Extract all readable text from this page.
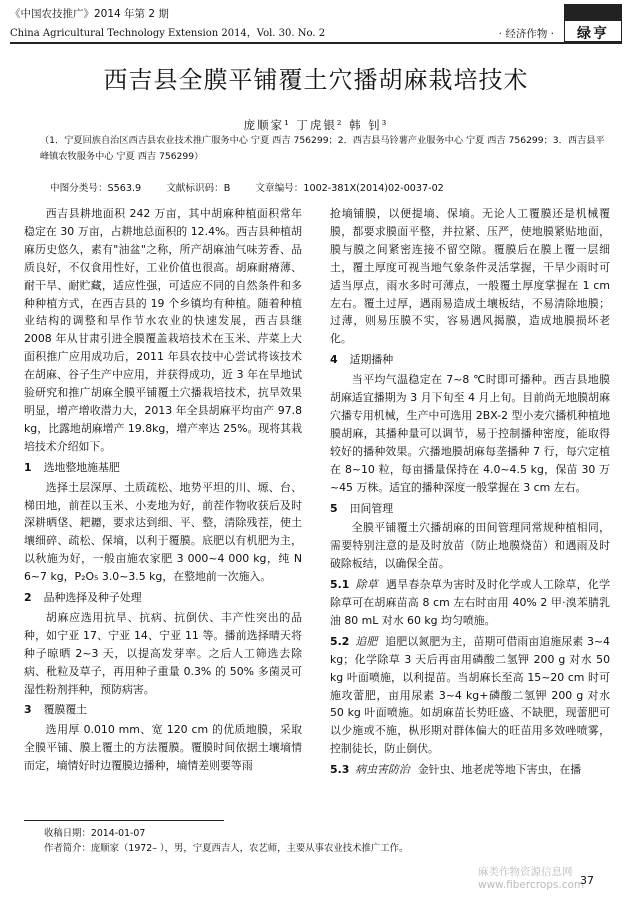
《中国农技推广》2014 年第 2 期
China Agricultural Technology Extension 2014，Vol. 30. No. 2	· 经济作物 ·	绿亨
西吉县全膜平铺覆土穴播胡麻栽培技术
庞顺家¹ 丁虎银² 韩 钊³
（1．宁夏回族自治区西吉县农业技术推广服务中心 宁夏 西吉 756299；2．西吉县马铃薯产业服务中心 宁夏 西吉 756299；3．西吉县平峰镇农牧服务中心 宁夏 西吉 756299）
中图分类号：S563.9	文献标识码：B	文章编号：1002-381X(2014)02-0037-02

西吉县耕地面积 242 万亩，其中胡麻种植面积常年稳定在 30 万亩，占耕地总面积的 12.4%。西吉县种植胡麻历史悠久，素有"油盆"之称，所产胡麻油气味芳香、品质良好，不仅食用性好，工业价值也很高。胡麻耐瘠薄、耐干旱、耐贮藏，适应性强，可适应不同的自然条件和多种种植方式，在西吉县的 19 个乡镇均有种植。随着种植业结构的调整和旱作节水农业的快速发展，西吉县继 2008 年从甘肃引进全膜覆盖栽培技术在玉米、芹菜上大面积推广应用成功后，2011 年县农技中心尝试将该技术在胡麻、谷子生产中应用，并获得成功，近 3 年在旱地试验研究和推广胡麻全膜平铺覆土穴播栽培技术，抗旱效果明显，增产增收潜力大，2013 年全县胡麻平均亩产 97.8 kg，比露地胡麻增产 19.8kg，增产率达 25%。现将其栽培技术介绍如下。

1 选地整地施基肥

选择土层深厚、土质疏松、地势平坦的川、塬、台、梯田地，前茬以玉米、小麦地为好，前茬作物收获后及时深耕晒垡、耙耱，要求达到细、平、整，清除残茬，使土壤细碎、疏松、保墒，以利于覆膜。底肥以有机肥为主，以秋施为好，一般亩施农家肥 3 000~4 000 kg，纯 N 6~7 kg，P₂O₅ 3.0~3.5 kg，在整地前一次施入。

2 品种选择及种子处理

胡麻应选用抗旱、抗病、抗倒伏、丰产性突出的品种，如宁亚 17、宁亚 14、宁亚 11 等。播前选择晴天将种子晾晒 2~3 天，以提高发芽率。之后人工筛选去除病、秕粒及草子，再用种子重量 0.3% 的 50% 多菌灵可湿性粉剂拌种，预防病害。

3 覆膜覆土

选用厚 0.010 mm、宽 120 cm 的优质地膜，采取全膜平铺、膜上覆土的方法覆膜。覆膜时间依据土壤墒情而定，墒情好时边覆膜边播种，墒情差则要等雨

抢墒铺膜，以便提墒、保墒。无论人工覆膜还是机械覆膜，都要求膜面平整，并拉紧、压严，使地膜紧贴地面，膜与膜之间紧密连接不留空隙。覆膜后在膜上覆一层细土，覆土厚度可视当地气象条件灵活掌握，干旱少雨时可适当厚点，雨水多时可薄点，一般覆土厚度掌握在 1 cm 左右。覆土过厚，遇雨易造成土壤板结，不易清除地膜；过薄，则易压膜不实，容易遇风揭膜，造成地膜损坏老化。

4 适期播种

当平均气温稳定在 7~8 ℃时即可播种。西吉县地膜胡麻适宜播期为 3 月下旬至 4 月上旬。目前尚无地膜胡麻穴播专用机械，生产中可选用 2BX-2 型小麦穴播机种植地膜胡麻，其播种量可以调节，易于控制播种密度，能取得较好的播种效果。穴播地膜胡麻每垄播种 7 行，每穴定植在 8~10 粒，每亩播量保持在 4.0~4.5 kg，保苗 30 万~45 万株。适宜的播种深度一般掌握在 3 cm 左右。

5 田间管理

全膜平铺覆土穴播胡麻的田间管理同常规种植相同，需要特别注意的是及时放苗（防止地膜烧苗）和遇雨及时破除板结，以确保全苗。

5.1 除草 遇旱春杂草为害时及时化学或人工除草，化学除草可在胡麻苗高 8 cm 左右时亩用 40% 2 甲·溴苯腈乳油 80 mL 对水 60 kg 均匀喷施。
5.2 追肥 追肥以氮肥为主，苗期可借雨亩追施尿素 3~4 kg；化学除草 3 天后再亩用磷酸二氢钾 200 g 对水 50 kg 叶面喷施，以利提苗。当胡麻长至高 15~20 cm 时可施攻蕾肥，亩用尿素 3~4 kg+磷酸二氢钾 200 g 对水 50 kg 叶面喷施。如胡麻苗长势旺盛、不缺肥，现蕾肥可以少施或不施，枞形期对群体偏大的旺苗用多效唑喷雾，控制徒长，防止倒伏。
5.3 病虫害防治 金针虫、地老虎等地下害虫，在播
收稿日期：2014-01-07
作者简介：庞顺家（1972– ），男，宁夏西吉人，农艺师，主要从事农业技术推广工作。
麻类作物资源信息网 www.fibercrops.com
37
